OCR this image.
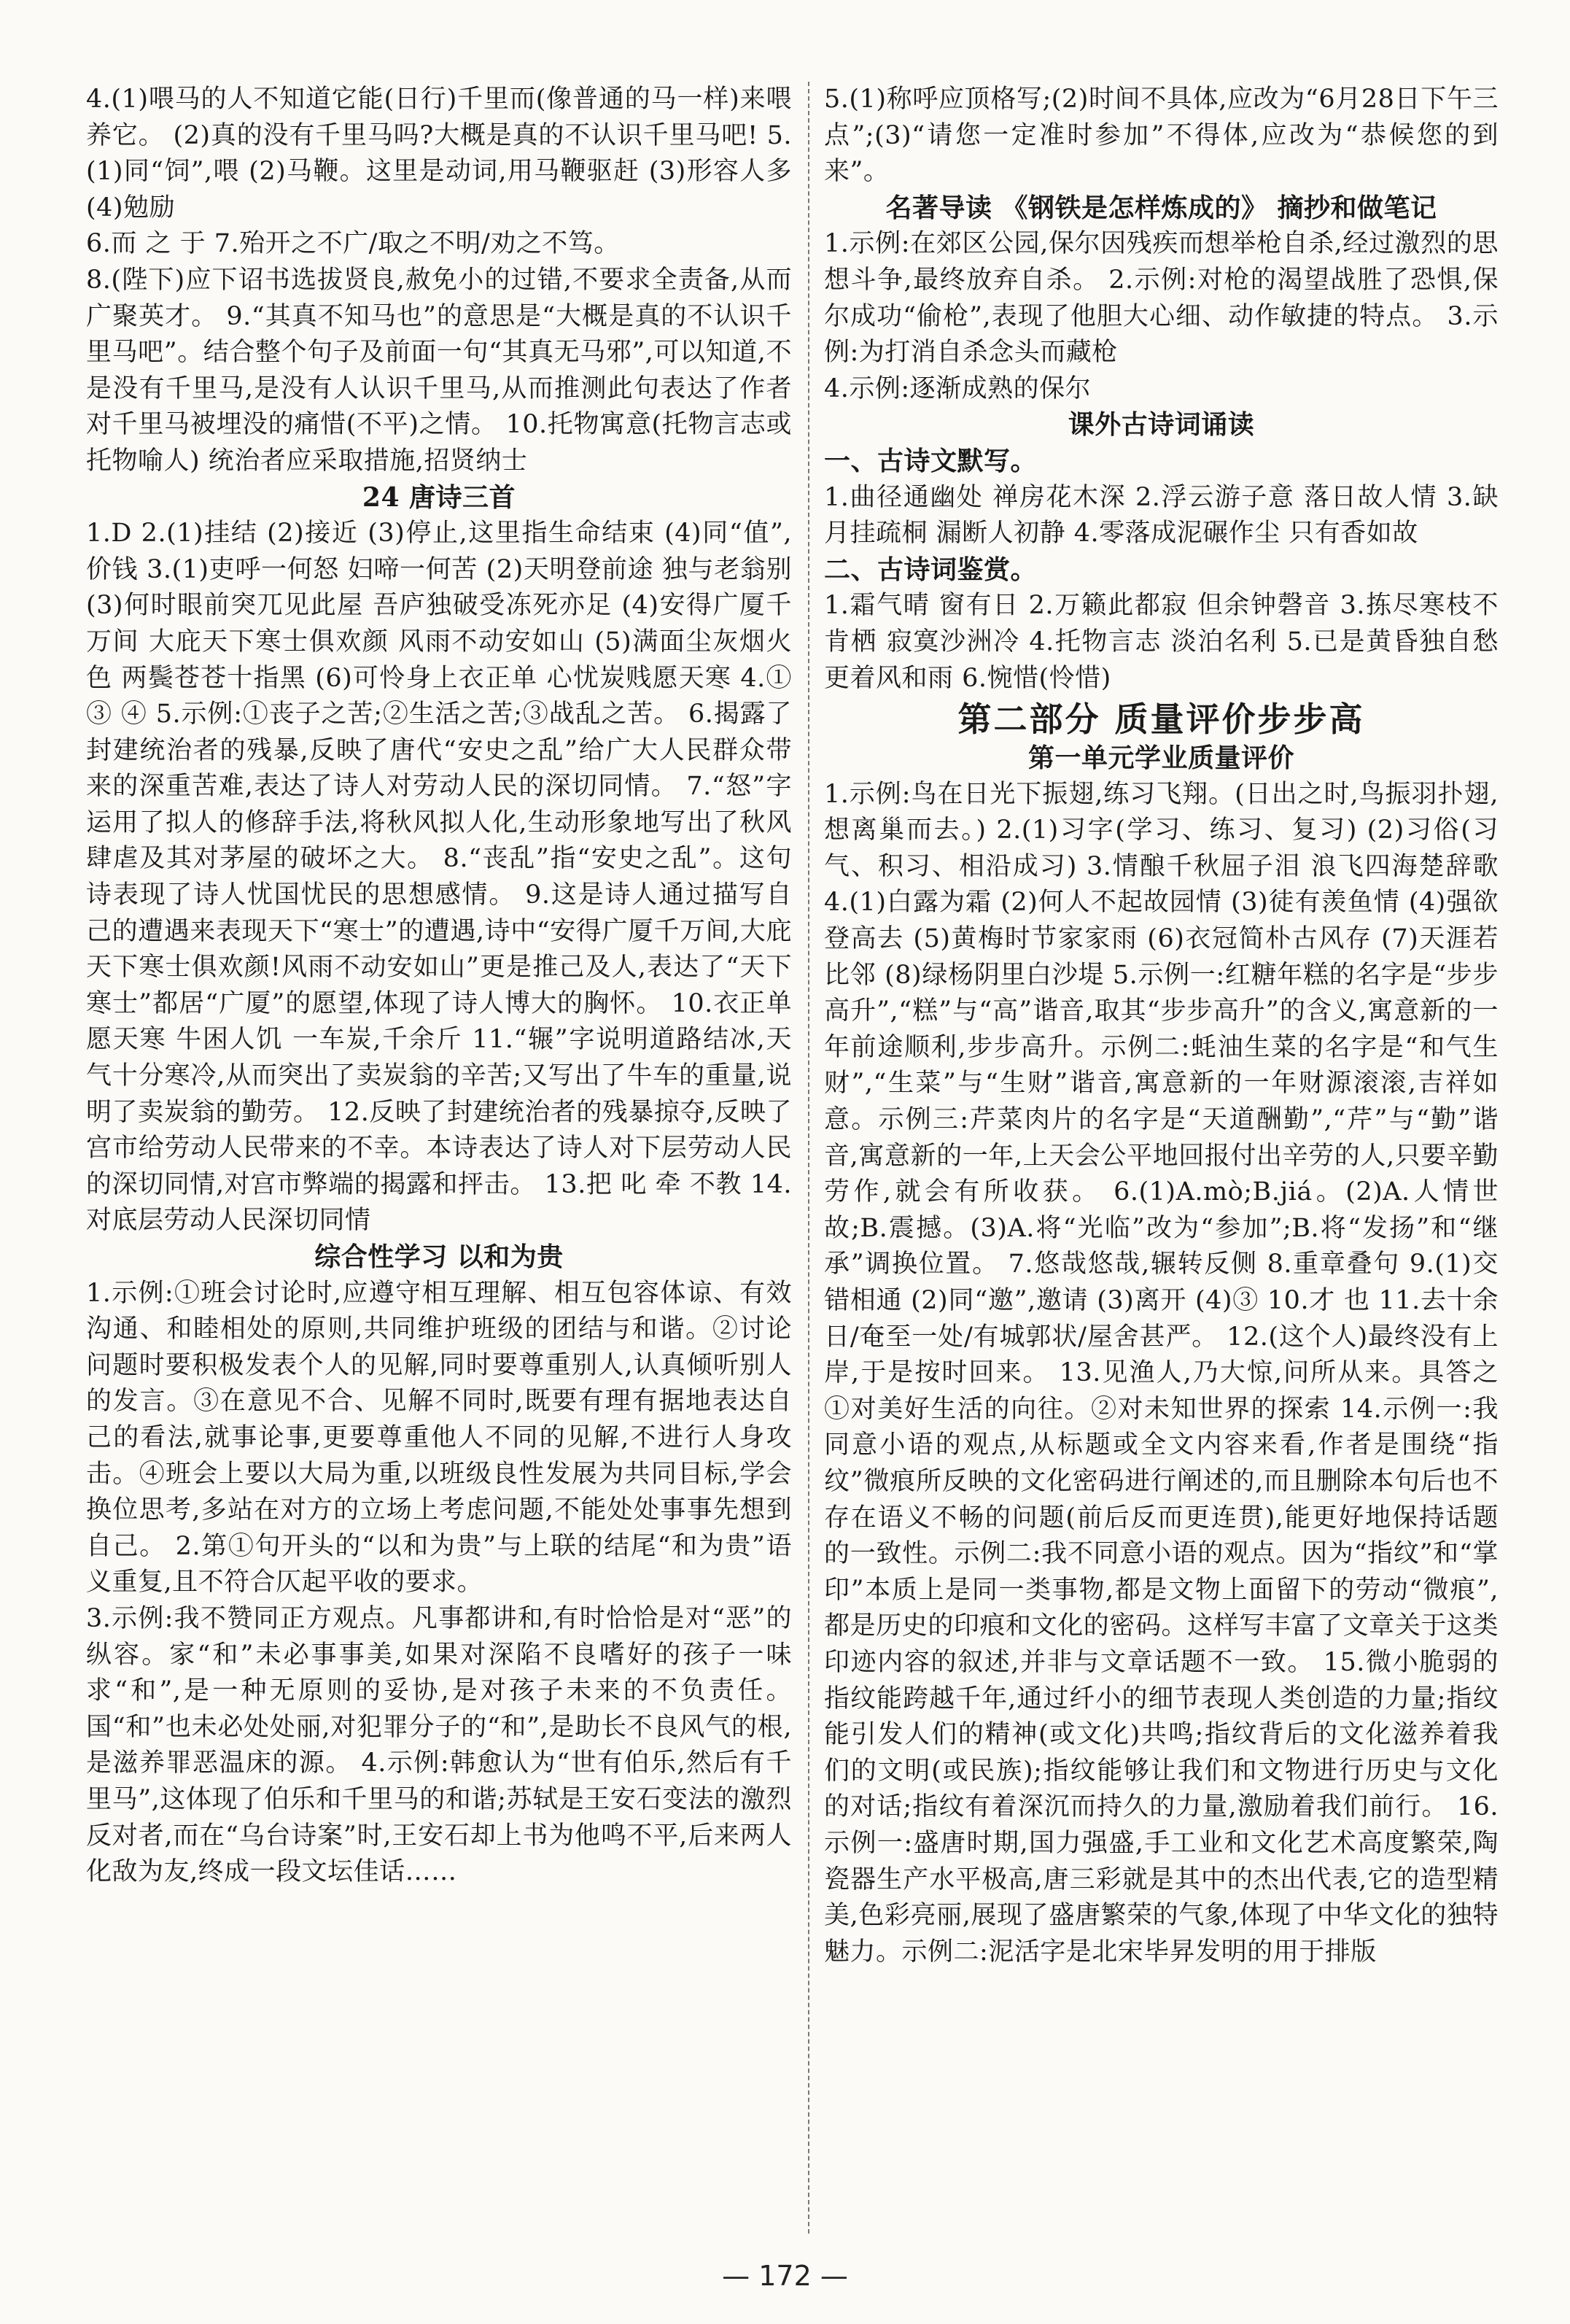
4.(1)喂马的人不知道它能(日行)千里而(像普通的马一样)来喂养它。 (2)真的没有千里马吗?大概是真的不认识千里马吧! 5.(1)同“饲”,喂 (2)马鞭。这里是动词,用马鞭驱赶 (3)形容人多 (4)勉励

6.而 之 于 7.殆开之不广/取之不明/劝之不笃。

8.(陛下)应下诏书选拔贤良,赦免小的过错,不要求全责备,从而广聚英才。 9.“其真不知马也”的意思是“大概是真的不认识千里马吧”。结合整个句子及前面一句“其真无马邪”,可以知道,不是没有千里马,是没有人认识千里马,从而推测此句表达了作者对千里马被埋没的痛惜(不平)之情。 10.托物寓意(托物言志或托物喻人) 统治者应采取措施,招贤纳士

24 唐诗三首

1.D 2.(1)挂结 (2)接近 (3)停止,这里指生命结束 (4)同“值”,价钱 3.(1)吏呼一何怒 妇啼一何苦 (2)天明登前途 独与老翁别 (3)何时眼前突兀见此屋 吾庐独破受冻死亦足 (4)安得广厦千万间 大庇天下寒士俱欢颜 风雨不动安如山 (5)满面尘灰烟火色 两鬓苍苍十指黑 (6)可怜身上衣正单 心忧炭贱愿天寒 4.① ③ ④ 5.示例:①丧子之苦;②生活之苦;③战乱之苦。 6.揭露了封建统治者的残暴,反映了唐代“安史之乱”给广大人民群众带来的深重苦难,表达了诗人对劳动人民的深切同情。 7.“怒”字运用了拟人的修辞手法,将秋风拟人化,生动形象地写出了秋风肆虐及其对茅屋的破坏之大。 8.“丧乱”指“安史之乱”。这句诗表现了诗人忧国忧民的思想感情。 9.这是诗人通过描写自己的遭遇来表现天下“寒士”的遭遇,诗中“安得广厦千万间,大庇天下寒士俱欢颜!风雨不动安如山”更是推己及人,表达了“天下寒士”都居“广厦”的愿望,体现了诗人博大的胸怀。 10.衣正单 愿天寒 牛困人饥 一车炭,千余斤 11.“辗”字说明道路结冰,天气十分寒冷,从而突出了卖炭翁的辛苦;又写出了牛车的重量,说明了卖炭翁的勤劳。 12.反映了封建统治者的残暴掠夺,反映了宫市给劳动人民带来的不幸。本诗表达了诗人对下层劳动人民的深切同情,对宫市弊端的揭露和抨击。 13.把 叱 牵 不教 14.对底层劳动人民深切同情

综合性学习 以和为贵

1.示例:①班会讨论时,应遵守相互理解、相互包容体谅、有效沟通、和睦相处的原则,共同维护班级的团结与和谐。②讨论问题时要积极发表个人的见解,同时要尊重别人,认真倾听别人的发言。③在意见不合、见解不同时,既要有理有据地表达自己的看法,就事论事,更要尊重他人不同的见解,不进行人身攻击。④班会上要以大局为重,以班级良性发展为共同目标,学会换位思考,多站在对方的立场上考虑问题,不能处处事事先想到自己。 2.第①句开头的“以和为贵”与上联的结尾“和为贵”语义重复,且不符合仄起平收的要求。

3.示例:我不赞同正方观点。凡事都讲和,有时恰恰是对“恶”的纵容。家“和”未必事事美,如果对深陷不良嗜好的孩子一味求“和”,是一种无原则的妥协,是对孩子未来的不负责任。国“和”也未必处处丽,对犯罪分子的“和”,是助长不良风气的根,是滋养罪恶温床的源。 4.示例:韩愈认为“世有伯乐,然后有千里马”,这体现了伯乐和千里马的和谐;苏轼是王安石变法的激烈反对者,而在“乌台诗案”时,王安石却上书为他鸣不平,后来两人化敌为友,终成一段文坛佳话……

5.(1)称呼应顶格写;(2)时间不具体,应改为“6月28日下午三点”;(3)“请您一定准时参加”不得体,应改为“恭候您的到来”。

名著导读 《钢铁是怎样炼成的》 摘抄和做笔记

1.示例:在郊区公园,保尔因残疾而想举枪自杀,经过激烈的思想斗争,最终放弃自杀。 2.示例:对枪的渴望战胜了恐惧,保尔成功“偷枪”,表现了他胆大心细、动作敏捷的特点。 3.示例:为打消自杀念头而藏枪

4.示例:逐渐成熟的保尔

课外古诗词诵读
一、古诗文默写。

1.曲径通幽处 禅房花木深 2.浮云游子意 落日故人情 3.缺月挂疏桐 漏断人初静 4.零落成泥碾作尘 只有香如故

二、古诗词鉴赏。

1.霜气晴 窗有日 2.万籁此都寂 但余钟磬音 3.拣尽寒枝不肯栖 寂寞沙洲冷 4.托物言志 淡泊名利 5.已是黄昏独自愁 更着风和雨 6.惋惜(怜惜)

第二部分 质量评价步步高
第一单元学业质量评价

1.示例:鸟在日光下振翅,练习飞翔。(日出之时,鸟振羽扑翅,想离巢而去。) 2.(1)习字(学习、练习、复习) (2)习俗(习气、积习、相沿成习) 3.情酿千秋屈子泪 浪飞四海楚辞歌 4.(1)白露为霜 (2)何人不起故园情 (3)徒有羡鱼情 (4)强欲登高去 (5)黄梅时节家家雨 (6)衣冠简朴古风存 (7)天涯若比邻 (8)绿杨阴里白沙堤 5.示例一:红糖年糕的名字是“步步高升”,“糕”与“高”谐音,取其“步步高升”的含义,寓意新的一年前途顺利,步步高升。示例二:蚝油生菜的名字是“和气生财”,“生菜”与“生财”谐音,寓意新的一年财源滚滚,吉祥如意。示例三:芹菜肉片的名字是“天道酬勤”,“芹”与“勤”谐音,寓意新的一年,上天会公平地回报付出辛劳的人,只要辛勤劳作,就会有所收获。 6.(1)A.mò;B.jiá。(2)A.人情世故;B.震撼。(3)A.将“光临”改为“参加”;B.将“发扬”和“继承”调换位置。 7.悠哉悠哉,辗转反侧 8.重章叠句 9.(1)交错相通 (2)同“邀”,邀请 (3)离开 (4)③ 10.才 也 11.去十余日/奄至一处/有城郭状/屋舍甚严。 12.(这个人)最终没有上岸,于是按时回来。 13.见渔人,乃大惊,问所从来。具答之 ①对美好生活的向往。②对未知世界的探索 14.示例一:我同意小语的观点,从标题或全文内容来看,作者是围绕“指纹”微痕所反映的文化密码进行阐述的,而且删除本句后也不存在语义不畅的问题(前后反而更连贯),能更好地保持话题的一致性。示例二:我不同意小语的观点。因为“指纹”和“掌印”本质上是同一类事物,都是文物上面留下的劳动“微痕”,都是历史的印痕和文化的密码。这样写丰富了文章关于这类印迹内容的叙述,并非与文章话题不一致。 15.微小脆弱的指纹能跨越千年,通过纤小的细节表现人类创造的力量;指纹能引发人们的精神(或文化)共鸣;指纹背后的文化滋养着我们的文明(或民族);指纹能够让我们和文物进行历史与文化的对话;指纹有着深沉而持久的力量,激励着我们前行。 16.示例一:盛唐时期,国力强盛,手工业和文化艺术高度繁荣,陶瓷器生产水平极高,唐三彩就是其中的杰出代表,它的造型精美,色彩亮丽,展现了盛唐繁荣的气象,体现了中华文化的独特魅力。示例二:泥活字是北宋毕昇发明的用于排版

— 172 —
